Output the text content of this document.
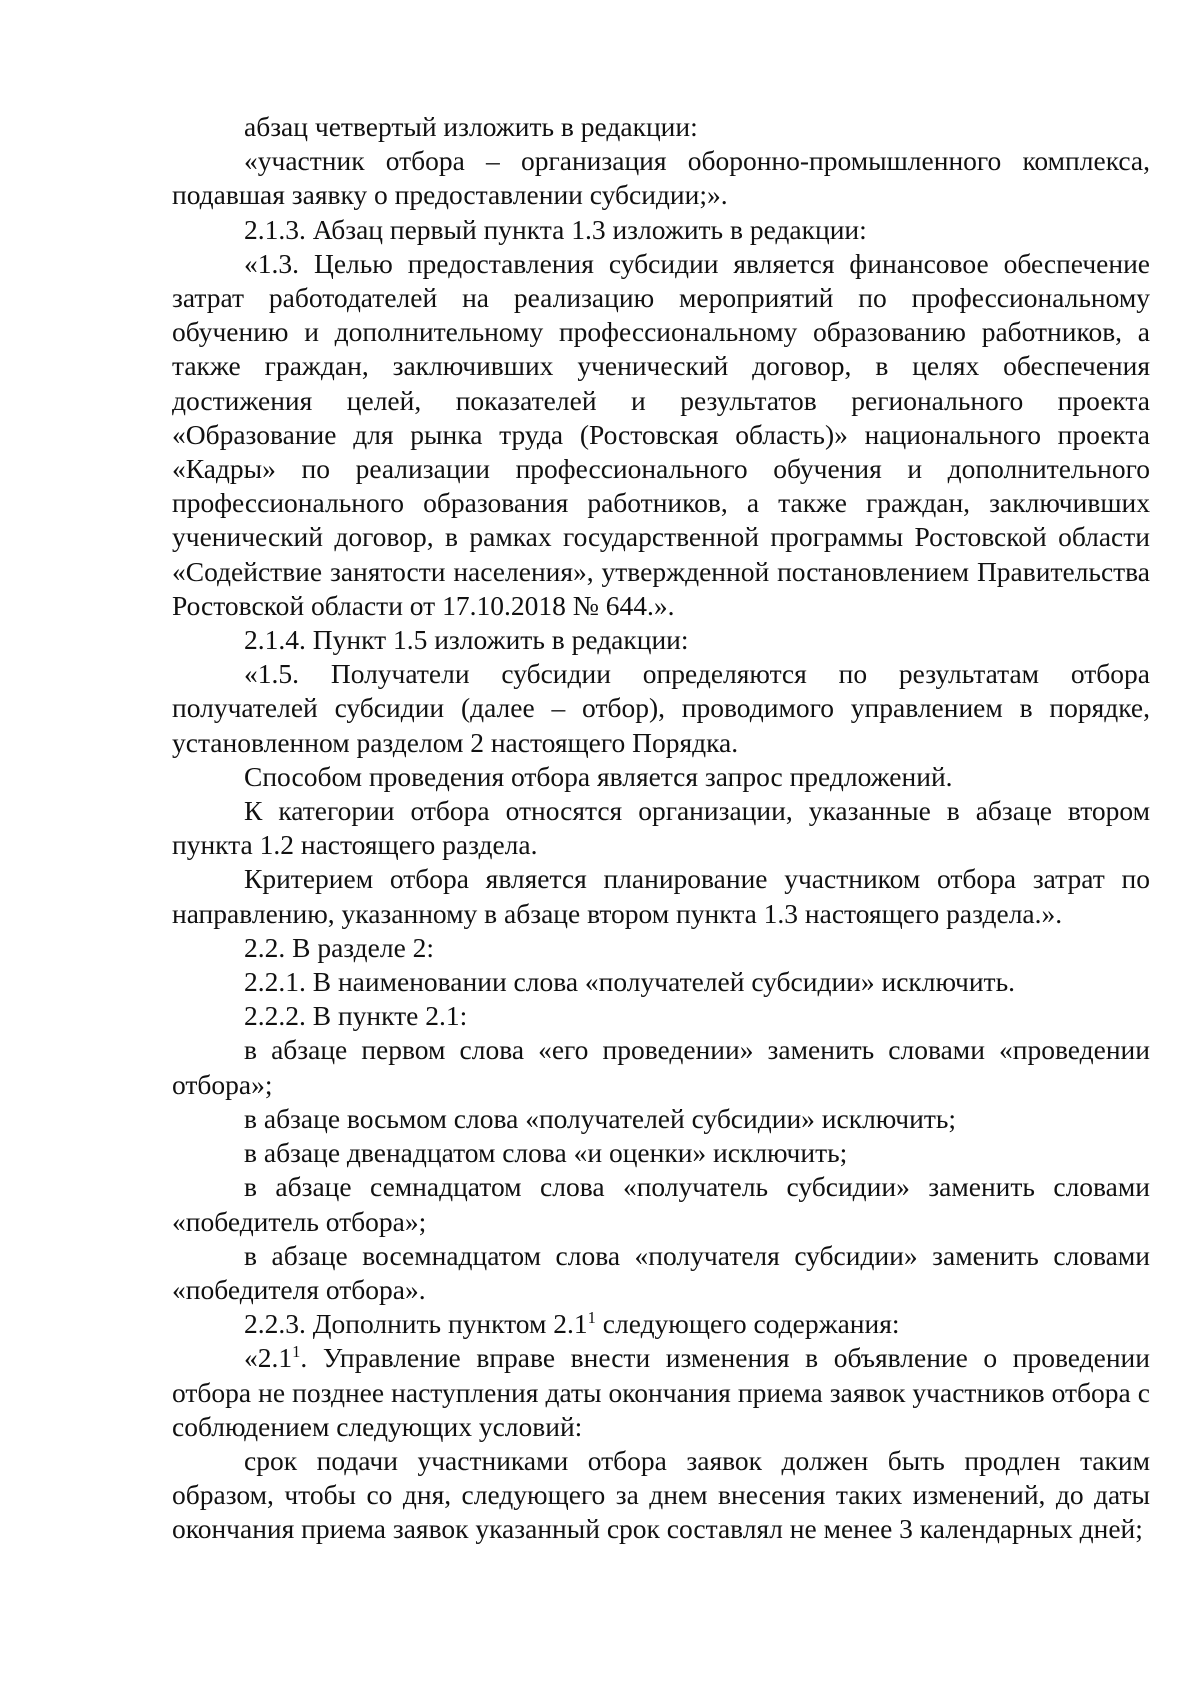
абзац четвертый изложить в редакции:

«участник отбора – организация оборонно-промышленного комплекса, подавшая заявку о предоставлении субсидии;».

2.1.3. Абзац первый пункта 1.3 изложить в редакции:

«1.3. Целью предоставления субсидии является финансовое обеспечение затрат работодателей на реализацию мероприятий по профессиональному обучению и дополнительному профессиональному образованию работников, а также граждан, заключивших ученический договор, в целях обеспечения достижения целей, показателей и результатов регионального проекта «Образование для рынка труда (Ростовская область)» национального проекта «Кадры» по реализации профессионального обучения и дополнительного профессионального образования работников, а также граждан, заключивших ученический договор, в рамках государственной программы Ростовской области «Содействие занятости населения», утвержденной постановлением Правительства Ростовской области от 17.10.2018 № 644.».

2.1.4. Пункт 1.5 изложить в редакции:

«1.5. Получатели субсидии определяются по результатам отбора получателей субсидии (далее – отбор), проводимого управлением в порядке, установленном разделом 2 настоящего Порядка.

Способом проведения отбора является запрос предложений.

К категории отбора относятся организации, указанные в абзаце втором пункта 1.2 настоящего раздела.

Критерием отбора является планирование участником отбора затрат по направлению, указанному в абзаце втором пункта 1.3 настоящего раздела.».

2.2. В разделе 2:

2.2.1. В наименовании слова «получателей субсидии» исключить.

2.2.2. В пункте 2.1:

в абзаце первом слова «его проведении» заменить словами «проведении отбора»;

в абзаце восьмом слова «получателей субсидии» исключить;

в абзаце двенадцатом слова «и оценки» исключить;

в абзаце семнадцатом слова «получатель субсидии» заменить словами «победитель отбора»;

в абзаце восемнадцатом слова «получателя субсидии» заменить словами «победителя отбора».

2.2.3. Дополнить пунктом $2.1^1$ следующего содержания:

«$2.1^1$. Управление вправе внести изменения в объявление о проведении отбора не позднее наступления даты окончания приема заявок участников отбора с соблюдением следующих условий:

срок подачи участниками отбора заявок должен быть продлен таким образом, чтобы со дня, следующего за днем внесения таких изменений, до даты окончания приема заявок указанный срок составлял не менее 3 календарных дней;
